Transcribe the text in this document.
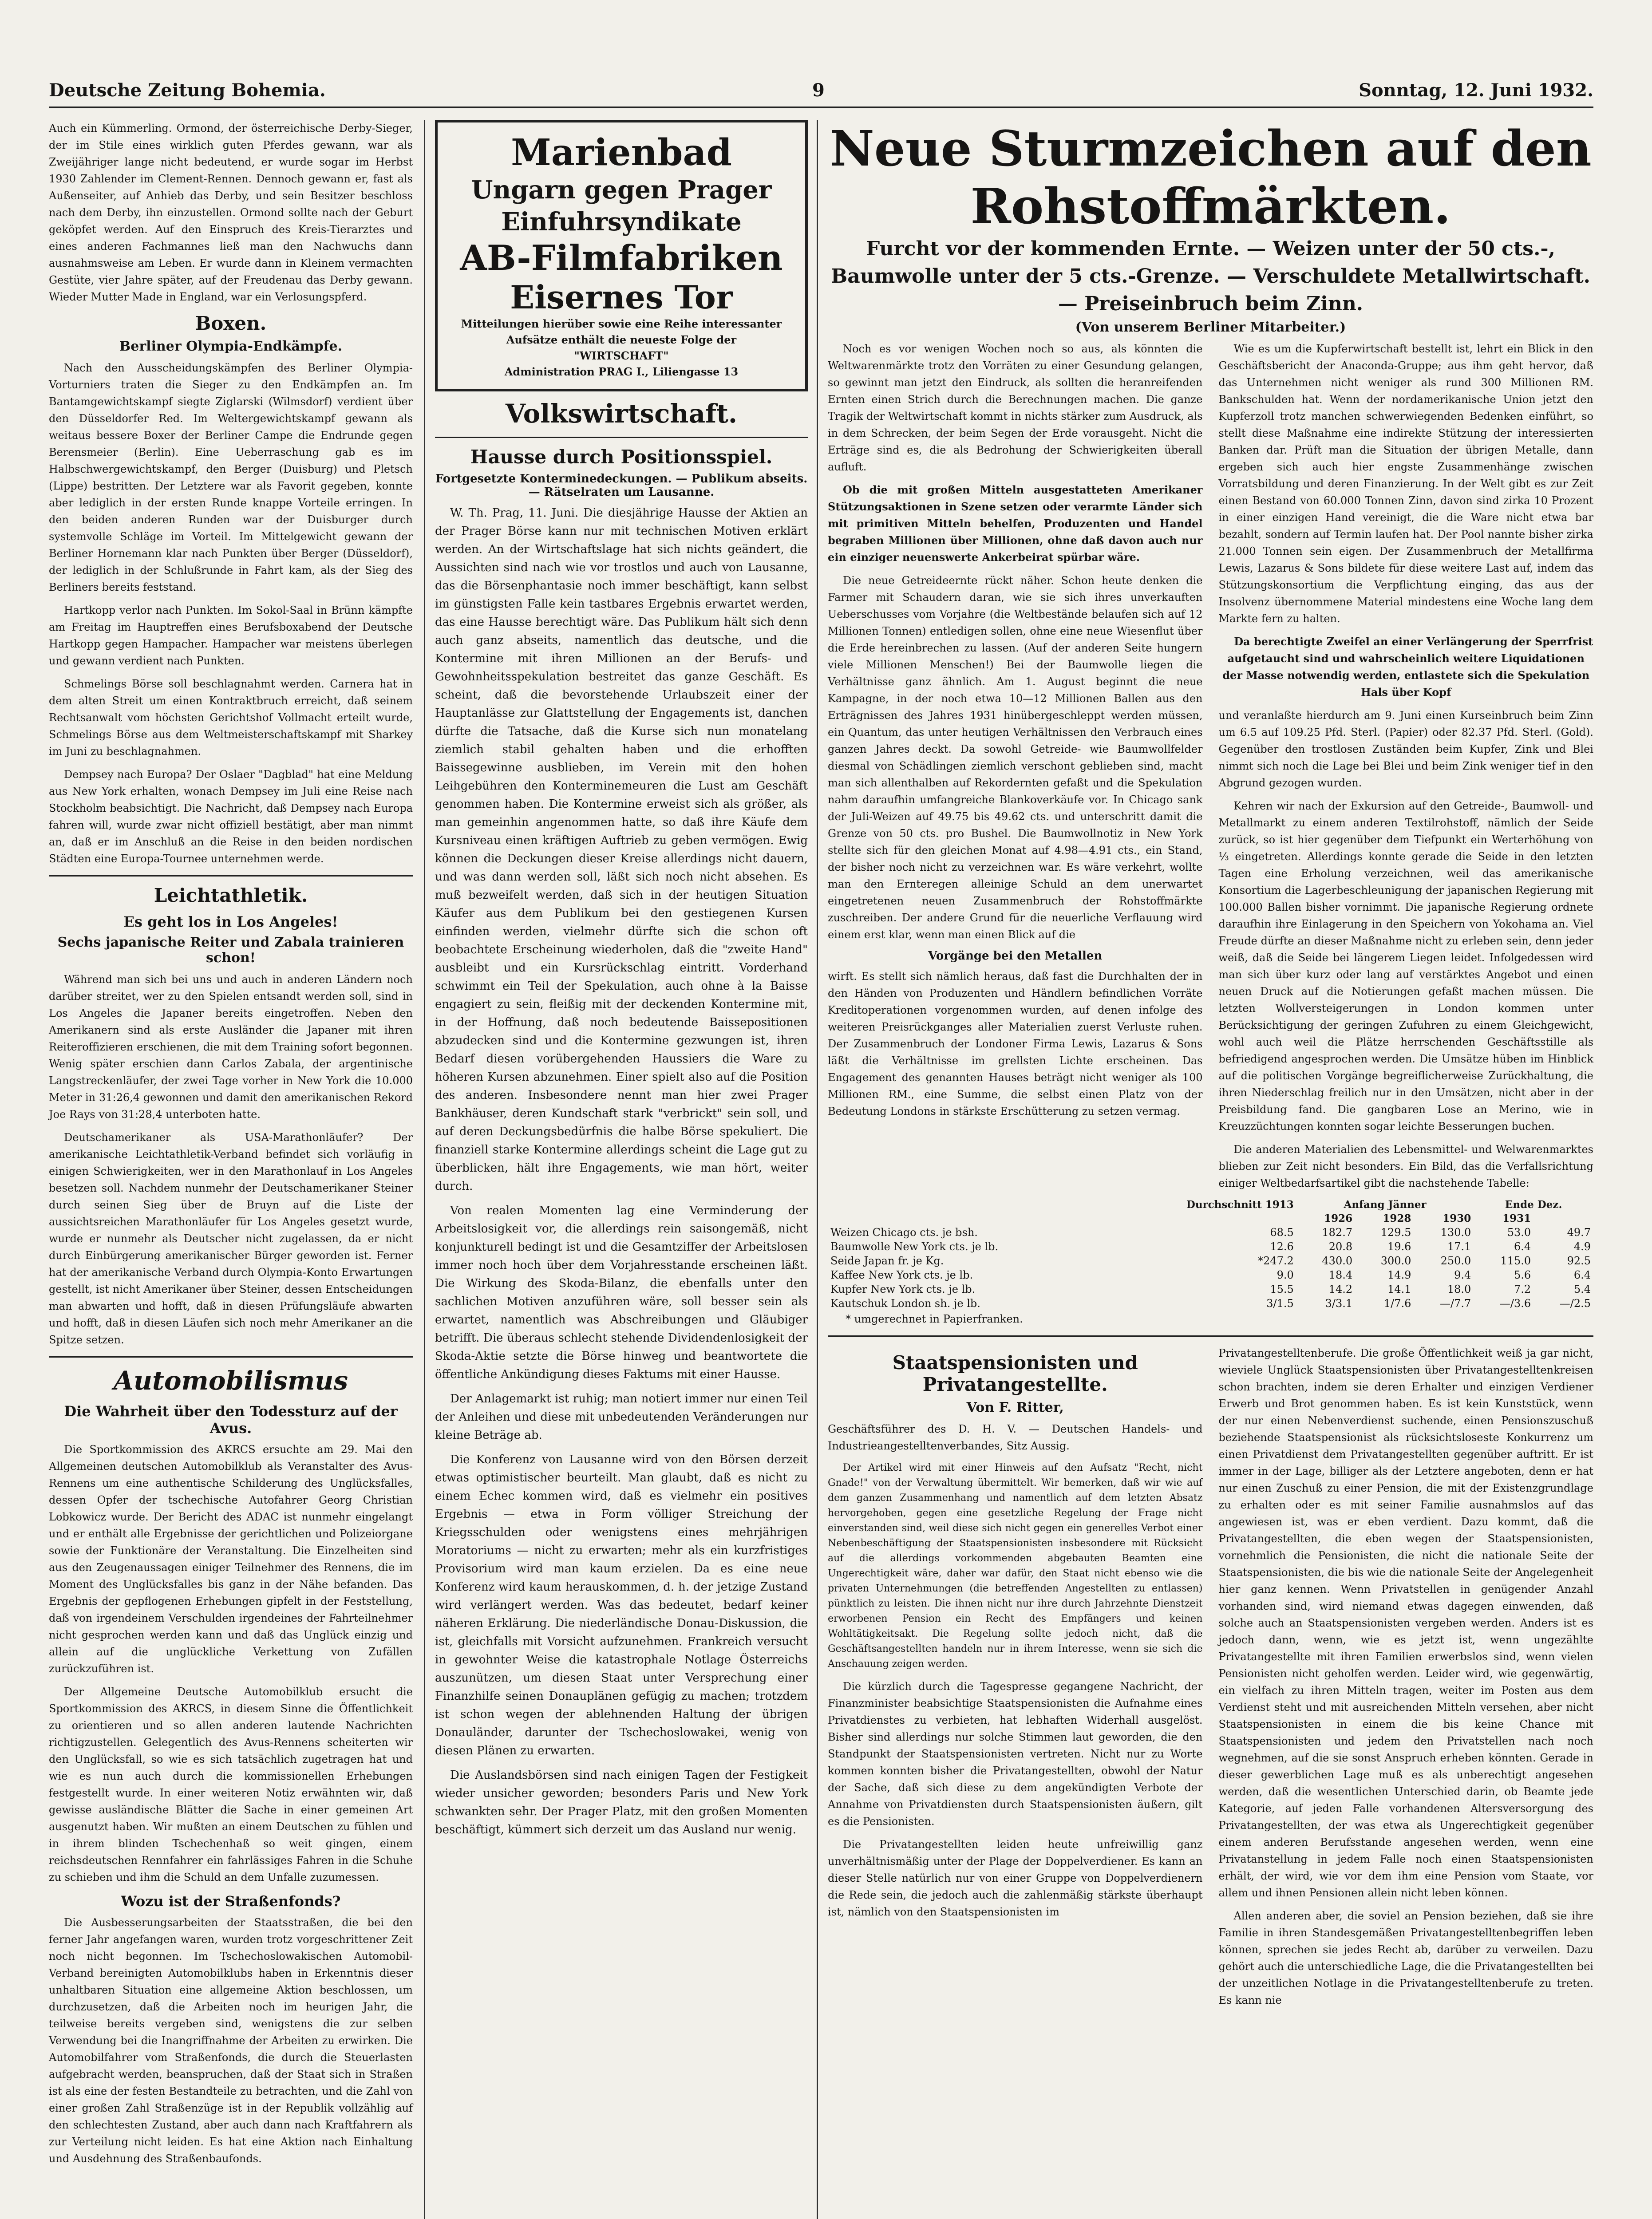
Deutsche Zeitung Bohemia.	9	Sonntag, 12. Juni 1932.

Auch ein Kümmerling. Ormond, der österreichische Derby-Sieger, der im Stile eines wirklich guten Pferdes gewann, war als Zweijähriger lange nicht bedeutend, er wurde sogar im Herbst 1930 Zahlender im Clement-Rennen. Dennoch gewann er, fast als Außenseiter, auf Anhieb das Derby, und sein Besitzer beschloss nach dem Derby, ihn einzustellen. Ormond sollte nach der Geburt geköpfet werden. Auf den Einspruch des Kreis-Tierarztes und eines anderen Fachmannes ließ man den Nachwuchs dann ausnahmsweise am Leben. Er wurde dann in Kleinem vermachten Gestüte, vier Jahre später, auf der Freudenau das Derby gewann. Wieder Mutter Made in England, war ein Verlosungspferd.

Boxen.
Berliner Olympia-Endkämpfe.

Nach den Ausscheidungskämpfen des Berliner Olympia-Vorturniers traten die Sieger zu den Endkämpfen an. Im Bantamgewichtskampf siegte Ziglarski (Wilmsdorf) verdient über den Düsseldorfer Red. Im Weltergewichtskampf gewann als weitaus bessere Boxer der Berliner Campe die Endrunde gegen Berensmeier (Berlin). Eine Ueberraschung gab es im Halbschwergewichtskampf, den Berger (Duisburg) und Pletsch (Lippe) bestritten. Der Letztere war als Favorit gegeben, konnte aber lediglich in der ersten Runde knappe Vorteile erringen. In den beiden anderen Runden war der Duisburger durch systemvolle Schläge im Vorteil. Im Mittelgewicht gewann der Berliner Hornemann klar nach Punkten über Berger (Düsseldorf), der lediglich in der Schlußrunde in Fahrt kam, als der Sieg des Berliners bereits feststand.

Hartkopp verlor nach Punkten. Im Sokol-Saal in Brünn kämpfte am Freitag im Hauptreffen eines Berufsboxabend der Deutsche Hartkopp gegen Hampacher. Hampacher war meistens überlegen und gewann verdient nach Punkten.

Schmelings Börse soll beschlagnahmt werden. Carnera hat in dem alten Streit um einen Kontraktbruch erreicht, daß seinem Rechtsanwalt vom höchsten Gerichtshof Vollmacht erteilt wurde, Schmelings Börse aus dem Weltmeisterschaftskampf mit Sharkey im Juni zu beschlagnahmen.

Dempsey nach Europa? Der Oslaer "Dagblad" hat eine Meldung aus New York erhalten, wonach Dempsey im Juli eine Reise nach Stockholm beabsichtigt. Die Nachricht, daß Dempsey nach Europa fahren will, wurde zwar nicht offiziell bestätigt, aber man nimmt an, daß er im Anschluß an die Reise in den beiden nordischen Städten eine Europa-Tournee unternehmen werde.

Leichtathletik.
Es geht los in Los Angeles!
Sechs japanische Reiter und Zabala trainieren schon!

Während man sich bei uns und auch in anderen Ländern noch darüber streitet, wer zu den Spielen entsandt werden soll, sind in Los Angeles die Japaner bereits eingetroffen. Neben den Amerikanern sind als erste Ausländer die Japaner mit ihren Reiteroffizieren erschienen, die mit dem Training sofort begonnen. Wenig später erschien dann Carlos Zabala, der argentinische Langstreckenläufer, der zwei Tage vorher in New York die 10.000 Meter in 31:26,4 gewonnen und damit den amerikanischen Rekord Joe Rays von 31:28,4 unterboten hatte.

Deutschamerikaner als USA-Marathonläufer? Der amerikanische Leichtathletik-Verband befindet sich vorläufig in einigen Schwierigkeiten, wer in den Marathonlauf in Los Angeles besetzen soll. Nachdem nunmehr der Deutschamerikaner Steiner durch seinen Sieg über de Bruyn auf die Liste der aussichtsreichen Marathonläufer für Los Angeles gesetzt wurde, wurde er nunmehr als Deutscher nicht zugelassen, da er nicht durch Einbürgerung amerikanischer Bürger geworden ist. Ferner hat der amerikanische Verband durch Olympia-Konto Erwartungen gestellt, ist nicht Amerikaner über Steiner, dessen Entscheidungen man abwarten und hofft, daß in diesen Prüfungsläufe abwarten und hofft, daß in diesen Läufen sich noch mehr Amerikaner an die Spitze setzen.

Automobilismus
Die Wahrheit über den Todessturz auf der Avus.

Die Sportkommission des AKRCS ersuchte am 29. Mai den Allgemeinen deutschen Automobilklub als Veranstalter des Avus-Rennens um eine authentische Schilderung des Unglücksfalles, dessen Opfer der tschechische Autofahrer Georg Christian Lobkowicz wurde. Der Bericht des ADAC ist nunmehr eingelangt und er enthält alle Ergebnisse der gerichtlichen und Polizeiorgane sowie der Funktionäre der Veranstaltung. Die Einzelheiten sind aus den Zeugenaussagen einiger Teilnehmer des Rennens, die im Moment des Unglücksfalles bis ganz in der Nähe befanden. Das Ergebnis der gepflogenen Erhebungen gipfelt in der Feststellung, daß von irgendeinem Verschulden irgendeines der Fahrteilnehmer nicht gesprochen werden kann und daß das Unglück einzig und allein auf die unglückliche Verkettung von Zufällen zurückzuführen ist.

Der Allgemeine Deutsche Automobilklub ersucht die Sportkommission des AKRCS, in diesem Sinne die Öffentlichkeit zu orientieren und so allen anderen lautende Nachrichten richtigzustellen. Gelegentlich des Avus-Rennens scheiterten wir den Unglücksfall, so wie es sich tatsächlich zugetragen hat und wie es nun auch durch die kommissionellen Erhebungen festgestellt wurde. In einer weiteren Notiz erwähnten wir, daß gewisse ausländische Blätter die Sache in einer gemeinen Art ausgenutzt haben. Wir mußten an einem Deutschen zu fühlen und in ihrem blinden Tschechenhaß so weit gingen, einem reichsdeutschen Rennfahrer ein fahrlässiges Fahren in die Schuhe zu schieben und ihm die Schuld an dem Unfalle zuzumessen.

Wozu ist der Straßenfonds?

Die Ausbesserungsarbeiten der Staatsstraßen, die bei den ferner Jahr angefangen waren, wurden trotz vorgeschrittener Zeit noch nicht begonnen. Im Tschechoslowakischen Automobil-Verband bereinigten Automobilklubs haben in Erkenntnis dieser unhaltbaren Situation eine allgemeine Aktion beschlossen, um durchzusetzen, daß die Arbeiten noch im heurigen Jahr, die teilweise bereits vergeben sind, wenigstens die zur selben Verwendung bei die Inangriffnahme der Arbeiten zu erwirken. Die Automobilfahrer vom Straßenfonds, die durch die Steuerlasten aufgebracht werden, beanspruchen, daß der Staat sich in Straßen ist als eine der festen Bestandteile zu betrachten, und die Zahl von einer großen Zahl Straßenzüge ist in der Republik vollzählig auf den schlechtesten Zustand, aber auch dann nach Kraftfahrern als zur Verteilung nicht leiden. Es hat eine Aktion nach Einhaltung und Ausdehnung des Straßenbaufonds.

Marienbad
Ungarn gegen Prager Einfuhrsyndikate
AB-Filmfabriken
Eisernes Tor
Mitteilungen hierüber sowie eine Reihe interessanter Aufsätze enthält die neueste Folge der
"WIRTSCHAFT"
Administration PRAG I., Liliengasse 13
Volkswirtschaft.
Hausse durch Positionsspiel.
Fortgesetzte Konterminedeckungen. — Publikum abseits. — Rätselraten um Lausanne.

W. Th. Prag, 11. Juni. Die diesjährige Hausse der Aktien an der Prager Börse kann nur mit technischen Motiven erklärt werden. An der Wirtschaftslage hat sich nichts geändert, die Aussichten sind nach wie vor trostlos und auch von Lausanne, das die Börsenphantasie noch immer beschäftigt, kann selbst im günstigsten Falle kein tastbares Ergebnis erwartet werden, das eine Hausse berechtigt wäre. Das Publikum hält sich denn auch ganz abseits, namentlich das deutsche, und die Kontermine mit ihren Millionen an der Berufs- und Gewohnheitsspekulation bestreitet das ganze Geschäft. Es scheint, daß die bevorstehende Urlaubszeit einer der Hauptanlässe zur Glattstellung der Engagements ist, danchen dürfte die Tatsache, daß die Kurse sich nun monatelang ziemlich stabil gehalten haben und die erhofften Baissegewinne ausblieben, im Verein mit den hohen Leihgebühren den Konterminemeuren die Lust am Geschäft genommen haben. Die Kontermine erweist sich als größer, als man gemeinhin angenommen hatte, so daß ihre Käufe dem Kursniveau einen kräftigen Auftrieb zu geben vermögen. Ewig können die Deckungen dieser Kreise allerdings nicht dauern, und was dann werden soll, läßt sich noch nicht absehen. Es muß bezweifelt werden, daß sich in der heutigen Situation Käufer aus dem Publikum bei den gestiegenen Kursen einfinden werden, vielmehr dürfte sich die schon oft beobachtete Erscheinung wiederholen, daß die "zweite Hand" ausbleibt und ein Kursrückschlag eintritt. Vorderhand schwimmt ein Teil der Spekulation, auch ohne à la Baisse engagiert zu sein, fleißig mit der deckenden Kontermine mit, in der Hoffnung, daß noch bedeutende Baissepositionen abzudecken sind und die Kontermine gezwungen ist, ihren Bedarf diesen vorübergehenden Haussiers die Ware zu höheren Kursen abzunehmen. Einer spielt also auf die Position des anderen. Insbesondere nennt man hier zwei Prager Bankhäuser, deren Kundschaft stark "verbrickt" sein soll, und auf deren Deckungsbedürfnis die halbe Börse spekuliert. Die finanziell starke Kontermine allerdings scheint die Lage gut zu überblicken, hält ihre Engagements, wie man hört, weiter durch.

Von realen Momenten lag eine Verminderung der Arbeitslosigkeit vor, die allerdings rein saisongemäß, nicht konjunkturell bedingt ist und die Gesamtziffer der Arbeitslosen immer noch hoch über dem Vorjahresstande erscheinen läßt. Die Wirkung des Skoda-Bilanz, die ebenfalls unter den sachlichen Motiven anzuführen wäre, soll besser sein als erwartet, namentlich was Abschreibungen und Gläubiger betrifft. Die überaus schlecht stehende Dividendenlosigkeit der Skoda-Aktie setzte die Börse hinweg und beantwortete die öffentliche Ankündigung dieses Faktums mit einer Hausse.

Der Anlagemarkt ist ruhig; man notiert immer nur einen Teil der Anleihen und diese mit unbedeutenden Veränderungen nur kleine Beträge ab.

Die Konferenz von Lausanne wird von den Börsen derzeit etwas optimistischer beurteilt. Man glaubt, daß es nicht zu einem Echec kommen wird, daß es vielmehr ein positives Ergebnis — etwa in Form völliger Streichung der Kriegsschulden oder wenigstens eines mehrjährigen Moratoriums — nicht zu erwarten; mehr als ein kurzfristiges Provisorium wird man kaum erzielen. Da es eine neue Konferenz wird kaum herauskommen, d. h. der jetzige Zustand wird verlängert werden. Was das bedeutet, bedarf keiner näheren Erklärung. Die niederländische Donau-Diskussion, die ist, gleichfalls mit Vorsicht aufzunehmen. Frankreich versucht in gewohnter Weise die katastrophale Notlage Österreichs auszunützen, um diesen Staat unter Versprechung einer Finanzhilfe seinen Donauplänen gefügig zu machen; trotzdem ist schon wegen der ablehnenden Haltung der übrigen Donauländer, darunter der Tschechoslowakei, wenig von diesen Plänen zu erwarten.

Die Auslandsbörsen sind nach einigen Tagen der Festigkeit wieder unsicher geworden; besonders Paris und New York schwankten sehr. Der Prager Platz, mit den großen Momenten beschäftigt, kümmert sich derzeit um das Ausland nur wenig.

Neue Sturmzeichen auf den Rohstoffmärkten.
Furcht vor der kommenden Ernte. — Weizen unter der 50 cts.-, Baumwolle unter der 5 cts.-Grenze. — Verschuldete Metallwirtschaft. — Preiseinbruch beim Zinn.
(Von unserem Berliner Mitarbeiter.)

Noch es vor wenigen Wochen noch so aus, als könnten die Weltwarenmärkte trotz den Vorräten zu einer Gesundung gelangen, so gewinnt man jetzt den Eindruck, als sollten die heranreifenden Ernten einen Strich durch die Berechnungen machen. Die ganze Tragik der Weltwirtschaft kommt in nichts stärker zum Ausdruck, als in dem Schrecken, der beim Segen der Erde vorausgeht. Nicht die Erträge sind es, die als Bedrohung der Schwierigkeiten überall aufluft.

Ob die mit großen Mitteln ausgestatteten Amerikaner Stützungsaktionen in Szene setzen oder verarmte Länder sich mit primitiven Mitteln behelfen, Produzenten und Handel begraben Millionen über Millionen, ohne daß davon auch nur ein einziger neuenswerte Ankerbeirat spürbar wäre.

Die neue Getreideernte rückt näher. Schon heute denken die Farmer mit Schaudern daran, wie sie sich ihres unverkauften Ueberschusses vom Vorjahre (die Weltbestände belaufen sich auf 12 Millionen Tonnen) entledigen sollen, ohne eine neue Wiesenflut über die Erde hereinbrechen zu lassen. (Auf der anderen Seite hungern viele Millionen Menschen!) Bei der Baumwolle liegen die Verhältnisse ganz ähnlich. Am 1. August beginnt die neue Kampagne, in der noch etwa 10—12 Millionen Ballen aus den Erträgnissen des Jahres 1931 hinübergeschleppt werden müssen, ein Quantum, das unter heutigen Verhältnissen den Verbrauch eines ganzen Jahres deckt. Da sowohl Getreide- wie Baumwollfelder diesmal von Schädlingen ziemlich verschont geblieben sind, macht man sich allenthalben auf Rekordernten gefaßt und die Spekulation nahm daraufhin umfangreiche Blankoverkäufe vor. In Chicago sank der Juli-Weizen auf 49.75 bis 49.62 cts. und unterschritt damit die Grenze von 50 cts. pro Bushel. Die Baumwollnotiz in New York stellte sich für den gleichen Monat auf 4.98—4.91 cts., ein Stand, der bisher noch nicht zu verzeichnen war. Es wäre verkehrt, wollte man den Ernteregen alleinige Schuld an dem unerwartet eingetretenen neuen Zusammenbruch der Rohstoffmärkte zuschreiben. Der andere Grund für die neuerliche Verflauung wird einem erst klar, wenn man einen Blick auf die

Vorgänge bei den Metallen

wirft. Es stellt sich nämlich heraus, daß fast die Durchhalten der in den Händen von Produzenten und Händlern befindlichen Vorräte Kreditoperationen vorgenommen wurden, auf denen infolge des weiteren Preisrückganges aller Materialien zuerst Verluste ruhen. Der Zusammenbruch der Londoner Firma Lewis, Lazarus & Sons läßt die Verhältnisse im grellsten Lichte erscheinen. Das Engagement des genannten Hauses beträgt nicht weniger als 100 Millionen RM., eine Summe, die selbst einen Platz von der Bedeutung Londons in stärkste Erschütterung zu setzen vermag.

Wie es um die Kupferwirtschaft bestellt ist, lehrt ein Blick in den Geschäftsbericht der Anaconda-Gruppe; aus ihm geht hervor, daß das Unternehmen nicht weniger als rund 300 Millionen RM. Bankschulden hat. Wenn der nordamerikanische Union jetzt den Kupferzoll trotz manchen schwerwiegenden Bedenken einführt, so stellt diese Maßnahme eine indirekte Stützung der interessierten Banken dar. Prüft man die Situation der übrigen Metalle, dann ergeben sich auch hier engste Zusammenhänge zwischen Vorratsbildung und deren Finanzierung. In der Welt gibt es zur Zeit einen Bestand von 60.000 Tonnen Zinn, davon sind zirka 10 Prozent in einer einzigen Hand vereinigt, die die Ware nicht etwa bar bezahlt, sondern auf Termin laufen hat. Der Pool nannte bisher zirka 21.000 Tonnen sein eigen. Der Zusammenbruch der Metallfirma Lewis, Lazarus & Sons bildete für diese weitere Last auf, indem das Stützungskonsortium die Verpflichtung einging, das aus der Insolvenz übernommene Material mindestens eine Woche lang dem Markte fern zu halten.

Da berechtigte Zweifel an einer Verlängerung der Sperrfrist aufgetaucht sind und wahrscheinlich weitere Liquidationen der Masse notwendig werden, entlastete sich die Spekulation Hals über Kopf

und veranlaßte hierdurch am 9. Juni einen Kurseinbruch beim Zinn um 6.5 auf 109.25 Pfd. Sterl. (Papier) oder 82.37 Pfd. Sterl. (Gold). Gegenüber den trostlosen Zuständen beim Kupfer, Zink und Blei nimmt sich noch die Lage bei Blei und beim Zink weniger tief in den Abgrund gezogen wurden.

Kehren wir nach der Exkursion auf den Getreide-, Baumwoll- und Metallmarkt zu einem anderen Textilrohstoff, nämlich der Seide zurück, so ist hier gegenüber dem Tiefpunkt ein Werterhöhung von ⅓ eingetreten. Allerdings konnte gerade die Seide in den letzten Tagen eine Erholung verzeichnen, weil das amerikanische Konsortium die Lagerbeschleunigung der japanischen Regierung mit 100.000 Ballen bisher vornimmt. Die japanische Regierung ordnete daraufhin ihre Einlagerung in den Speichern von Yokohama an. Viel Freude dürfte an dieser Maßnahme nicht zu erleben sein, denn jeder weiß, daß die Seide bei längerem Liegen leidet. Infolgedessen wird man sich über kurz oder lang auf verstärktes Angebot und einen neuen Druck auf die Notierungen gefaßt machen müssen. Die letzten Wollversteigerungen in London kommen unter Berücksichtigung der geringen Zufuhren zu einem Gleichgewicht, wohl auch weil die Plätze herrschenden Geschäftsstille als befriedigend angesprochen werden. Die Umsätze hüben im Hinblick auf die politischen Vorgänge begreiflicherweise Zurückhaltung, die ihren Niederschlag freilich nur in den Umsätzen, nicht aber in der Preisbildung fand. Die gangbaren Lose an Merino, wie in Kreuzzüchtungen konnten sogar leichte Besserungen buchen.

Die anderen Materialien des Lebensmittel- und Welwarenmarktes blieben zur Zeit nicht besonders. Ein Bild, das die Verfallsrichtung einiger Weltbedarfsartikel gibt die nachstehende Tabelle:

	Durchschnitt 1913	Anfang Jänner			Ende Dez.	
		1926	1928	1930	1931	
Weizen Chicago cts. je bsh.	68.5	182.7	129.5	130.0	53.0	49.7
Baumwolle New York cts. je lb.	12.6	20.8	19.6	17.1	6.4	4.9
Seide Japan fr. je Kg.	*247.2	430.0	300.0	250.0	115.0	92.5
Kaffee New York cts. je lb.	9.0	18.4	14.9	9.4	5.6	6.4
Kupfer New York cts. je lb.	15.5	14.2	14.1	18.0	7.2	5.4
Kautschuk London sh. je lb.	3/1.5	3/3.1	1/7.6	—/7.7	—/3.6	—/2.5

* umgerechnet in Papierfranken.

Staatspensionisten und Privatangestellte.
Von F. Ritter,

Geschäftsführer des D. H. V. — Deutschen Handels- und Industrieangestelltenverbandes, Sitz Aussig.

Der Artikel wird mit einer Hinweis auf den Aufsatz "Recht, nicht Gnade!" von der Verwaltung übermittelt. Wir bemerken, daß wir wie auf dem ganzen Zusammenhang und namentlich auf dem letzten Absatz hervorgehoben, gegen eine gesetzliche Regelung der Frage nicht einverstanden sind, weil diese sich nicht gegen ein generelles Verbot einer Nebenbeschäftigung der Staatspensionisten insbesondere mit Rücksicht auf die allerdings vorkommenden abgebauten Beamten eine Ungerechtigkeit wäre, daher war dafür, den Staat nicht ebenso wie die privaten Unternehmungen (die betreffenden Angestellten zu entlassen) pünktlich zu leisten. Die ihnen nicht nur ihre durch Jahrzehnte Dienstzeit erworbenen Pension ein Recht des Empfängers und keinen Wohltätigkeitsakt. Die Regelung sollte jedoch nicht, daß die Geschäftsangestellten handeln nur in ihrem Interesse, wenn sie sich die Anschauung zeigen werden.

Die kürzlich durch die Tagespresse gegangene Nachricht, der Finanzminister beabsichtige Staatspensionisten die Aufnahme eines Privatdienstes zu verbieten, hat lebhaften Widerhall ausgelöst. Bisher sind allerdings nur solche Stimmen laut geworden, die den Standpunkt der Staatspensionisten vertreten. Nicht nur zu Worte kommen konnten bisher die Privatangestellten, obwohl der Natur der Sache, daß sich diese zu dem angekündigten Verbote der Annahme von Privatdiensten durch Staatspensionisten äußern, gilt es die Pensionisten.

Die Privatangestellten leiden heute unfreiwillig ganz unverhältnismäßig unter der Plage der Doppelverdiener. Es kann an dieser Stelle natürlich nur von einer Gruppe von Doppelverdienern die Rede sein, die jedoch auch die zahlenmäßig stärkste überhaupt ist, nämlich von den Staatspensionisten im

Privatangestelltenberufe. Die große Öffentlichkeit weiß ja gar nicht, wieviele Unglück Staatspensionisten über Privatangestelltenkreisen schon brachten, indem sie deren Erhalter und einzigen Verdiener Erwerb und Brot genommen haben. Es ist kein Kunststück, wenn der nur einen Nebenverdienst suchende, einen Pensionszuschuß beziehende Staatspensionist als rücksichtsloseste Konkurrenz um einen Privatdienst dem Privatangestellten gegenüber auftritt. Er ist immer in der Lage, billiger als der Letztere angeboten, denn er hat nur einen Zuschuß zu einer Pension, die mit der Existenzgrundlage zu erhalten oder es mit seiner Familie ausnahmslos auf das angewiesen ist, was er eben verdient. Dazu kommt, daß die Privatangestellten, die eben wegen der Staatspensionisten, vornehmlich die Pensionisten, die nicht die nationale Seite der Staatspensionisten, die bis wie die nationale Seite der Angelegenheit hier ganz kennen. Wenn Privatstellen in genügender Anzahl vorhanden sind, wird niemand etwas dagegen einwenden, daß solche auch an Staatspensionisten vergeben werden. Anders ist es jedoch dann, wenn, wie es jetzt ist, wenn ungezählte Privatangestellte mit ihren Familien erwerbslos sind, wenn vielen Pensionisten nicht geholfen werden. Leider wird, wie gegenwärtig, ein vielfach zu ihren Mitteln tragen, weiter im Posten aus dem Verdienst steht und mit ausreichenden Mitteln versehen, aber nicht Staatspensionisten in einem die bis keine Chance mit Staatspensionisten und jedem den Privatstellen nach noch wegnehmen, auf die sie sonst Anspruch erheben könnten. Gerade in dieser gewerblichen Lage muß es als unberechtigt angesehen werden, daß die wesentlichen Unterschied darin, ob Beamte jede Kategorie, auf jeden Falle vorhandenen Altersversorgung des Privatangestellten, der was etwa als Ungerechtigkeit gegenüber einem anderen Berufsstande angesehen werden, wenn eine Privatanstellung in jedem Falle noch einen Staatspensionisten erhält, der wird, wie vor dem ihm eine Pension vom Staate, vor allem und ihnen Pensionen allein nicht leben können.

Allen anderen aber, die soviel an Pension beziehen, daß sie ihre Familie in ihren Standesgemäßen Privatangestelltenbegriffen leben können, sprechen sie jedes Recht ab, darüber zu verweilen. Dazu gehört auch die unterschiedliche Lage, die die Privatangestellten bei der unzeitlichen Notlage in die Privatangestelltenberufe zu treten. Es kann nie
